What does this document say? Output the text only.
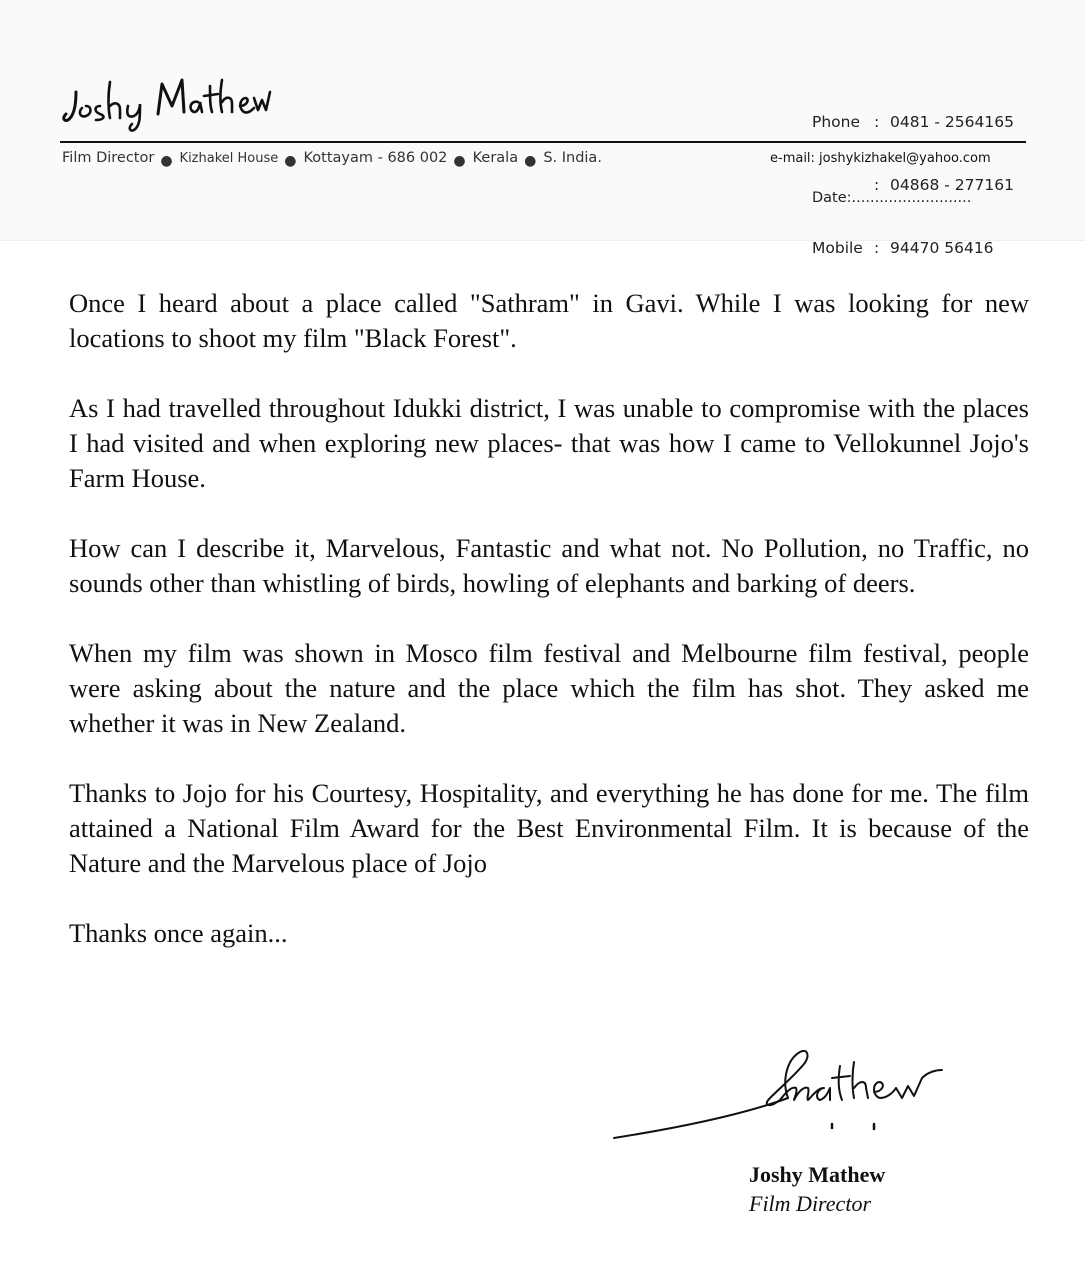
Phone : 0481 - 2564165

: 04868 - 277161

Mobile : 94470 56416

Film Director ● Kizhakel House ● Kottayam - 686 002 ● Kerala ● S. India.	e-mail: joshykizhakel@yahoo.com
Date:..........................

Once I heard about a place called "Sathram" in Gavi. While I was looking for new locations to shoot my film "Black Forest".

As I had travelled throughout Idukki district, I was unable to compromise with the places I had visited and when exploring new places- that was how I came to Vellokunnel Jojo's Farm House.

How can I describe it, Marvelous, Fantastic and what not. No Pollution, no Traffic, no sounds other than whistling of birds, howling of elephants and barking of deers.

When my film was shown in Mosco film festival and Melbourne film festival, people were asking about the nature and the place which the film has shot. They asked me whether it was in New Zealand.

Thanks to Jojo for his Courtesy, Hospitality, and everything he has done for me. The film attained a National Film Award for the Best Environmental Film. It is because of the Nature and the Marvelous place of Jojo

Thanks once again...

Joshy Mathew
Film Director
